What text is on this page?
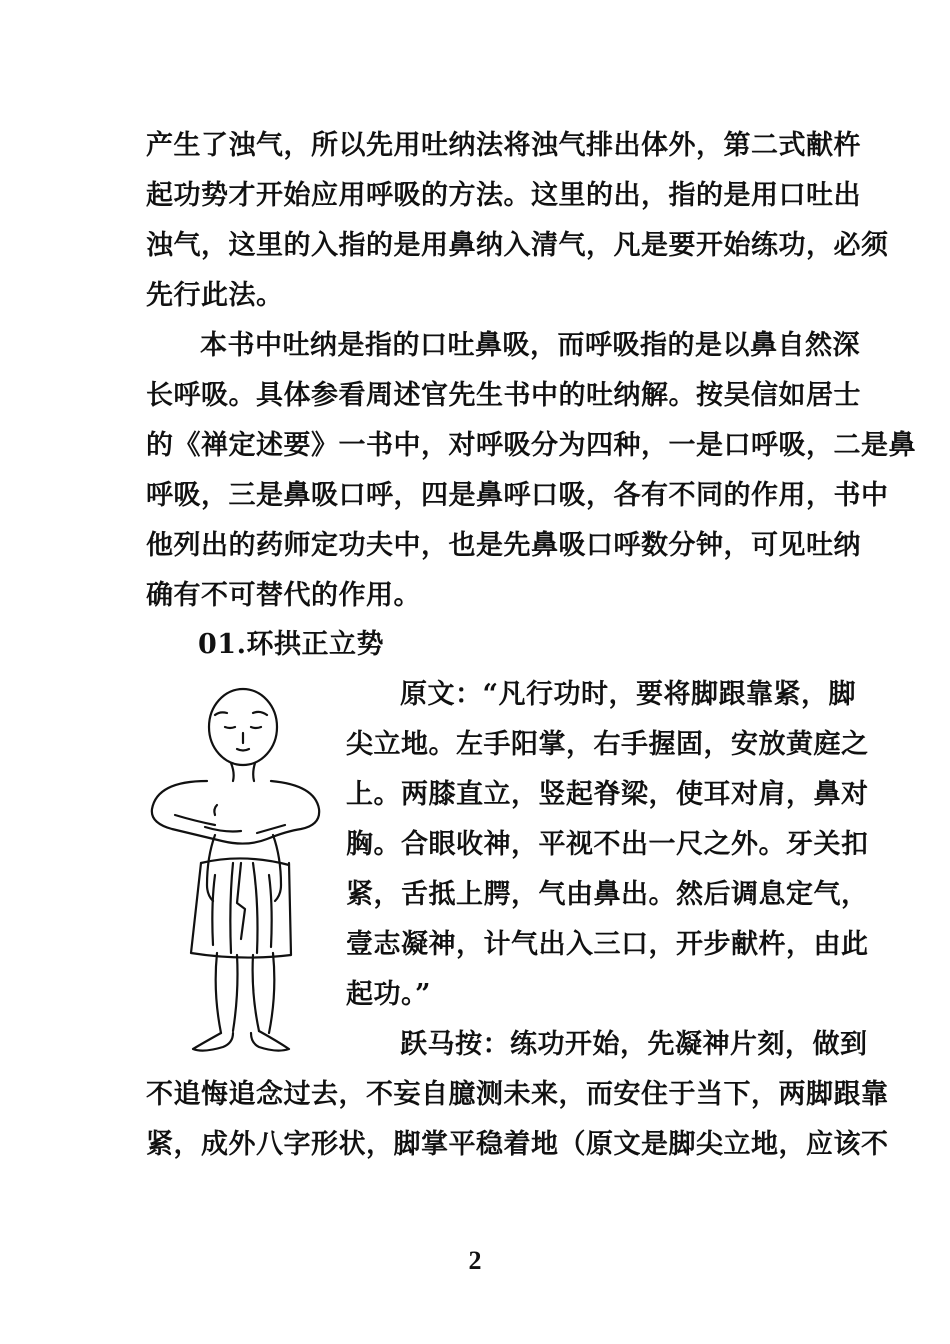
产生了浊气，所以先用吐纳法将浊气排出体外，第二式献杵
起功势才开始应用呼吸的方法。这里的出，指的是用口吐出
浊气，这里的入指的是用鼻纳入清气，凡是要开始练功，必须
先行此法。
本书中吐纳是指的口吐鼻吸，而呼吸指的是以鼻自然深
长呼吸。具体参看周述官先生书中的吐纳解。按吴信如居士
的《禅定述要》一书中，对呼吸分为四种，一是口呼吸，二是鼻
呼吸，三是鼻吸口呼，四是鼻呼口吸，各有不同的作用，书中
他列出的药师定功夫中，也是先鼻吸口呼数分钟，可见吐纳
确有不可替代的作用。
01.环拱正立势
原文：“凡行功时，要将脚跟靠紧，脚
尖立地。左手阳掌，右手握固，安放黄庭之
上。两膝直立，竖起脊梁，使耳对肩，鼻对
胸。合眼收神，平视不出一尺之外。牙关扣
紧，舌抵上腭，气由鼻出。然后调息定气，
壹志凝神，计气出入三口，开步献杵，由此
起功。”
跃马按：练功开始，先凝神片刻，做到
不追悔追念过去，不妄自臆测未来，而安住于当下，两脚跟靠
紧，成外八字形状，脚掌平稳着地（原文是脚尖立地，应该不
2
